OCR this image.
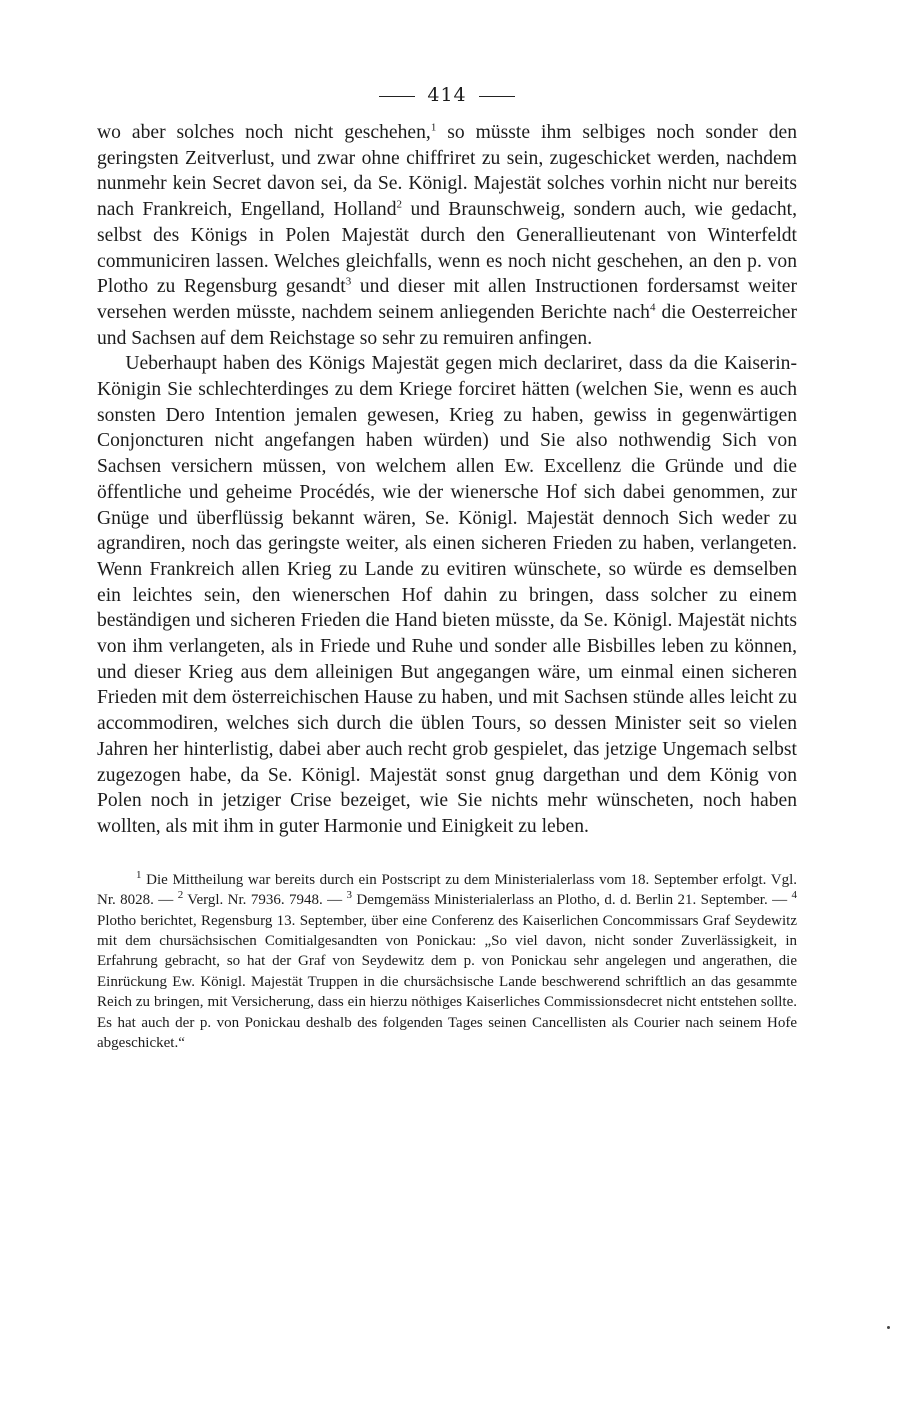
414

wo aber solches noch nicht geschehen,$^1$ so müsste ihm selbiges noch sonder den geringsten Zeitverlust, und zwar ohne chiffriret zu sein, zugeschicket werden, nachdem nunmehr kein Secret davon sei, da Se. Königl. Majestät solches vorhin nicht nur bereits nach Frankreich, Engelland, Holland$^2$ und Braunschweig, sondern auch, wie gedacht, selbst des Königs in Polen Majestät durch den Generallieutenant von Winterfeldt communiciren lassen. Welches gleichfalls, wenn es noch nicht geschehen, an den p. von Plotho zu Regensburg gesandt$^3$ und dieser mit allen Instructionen fordersamst weiter versehen werden müsste, nachdem seinem anliegenden Berichte nach$^4$ die Oesterreicher und Sachsen auf dem Reichstage so sehr zu remuiren anfingen.

Ueberhaupt haben des Königs Majestät gegen mich declariret, dass da die Kaiserin-Königin Sie schlechterdinges zu dem Kriege forciret hätten (welchen Sie, wenn es auch sonsten Dero Intention jemalen gewesen, Krieg zu haben, gewiss in gegenwärtigen Conjoncturen nicht angefangen haben würden) und Sie also nothwendig Sich von Sachsen versichern müssen, von welchem allen Ew. Excellenz die Gründe und die öffentliche und geheime Procédés, wie der wienersche Hof sich dabei genommen, zur Gnüge und überflüssig bekannt wären, Se. Königl. Majestät dennoch Sich weder zu agrandiren, noch das geringste weiter, als einen sicheren Frieden zu haben, verlangeten. Wenn Frankreich allen Krieg zu Lande zu evitiren wünschete, so würde es demselben ein leichtes sein, den wienerschen Hof dahin zu bringen, dass solcher zu einem beständigen und sicheren Frieden die Hand bieten müsste, da Se. Königl. Majestät nichts von ihm verlangeten, als in Friede und Ruhe und sonder alle Bisbilles leben zu können, und dieser Krieg aus dem alleinigen But angegangen wäre, um einmal einen sicheren Frieden mit dem österreichischen Hause zu haben, und mit Sachsen stünde alles leicht zu accommodiren, welches sich durch die üblen Tours, so dessen Minister seit so vielen Jahren her hinterlistig, dabei aber auch recht grob gespielet, das jetzige Ungemach selbst zugezogen habe, da Se. Königl. Majestät sonst gnug dargethan und dem König von Polen noch in jetziger Crise bezeiget, wie Sie nichts mehr wünscheten, noch haben wollten, als mit ihm in guter Harmonie und Einigkeit zu leben.

$^1$ Die Mittheilung war bereits durch ein Postscript zu dem Ministerialerlass vom 18. September erfolgt. Vgl. Nr. 8028. — $^2$ Vergl. Nr. 7936. 7948. — $^3$ Demgemäss Ministerialerlass an Plotho, d. d. Berlin 21. September. — $^4$ Plotho berichtet, Regensburg 13. September, über eine Conferenz des Kaiserlichen Concommissars Graf Seydewitz mit dem chursächsischen Comitialgesandten von Ponickau: „So viel davon, nicht sonder Zuverlässigkeit, in Erfahrung gebracht, so hat der Graf von Seydewitz dem p. von Ponickau sehr angelegen und angerathen, die Einrückung Ew. Königl. Majestät Truppen in die chursächsische Lande beschwerend schriftlich an das gesammte Reich zu bringen, mit Versicherung, dass ein hierzu nöthiges Kaiserliches Commissionsdecret nicht entstehen sollte. Es hat auch der p. von Ponickau deshalb des folgenden Tages seinen Cancellisten als Courier nach seinem Hofe abgeschicket.“
